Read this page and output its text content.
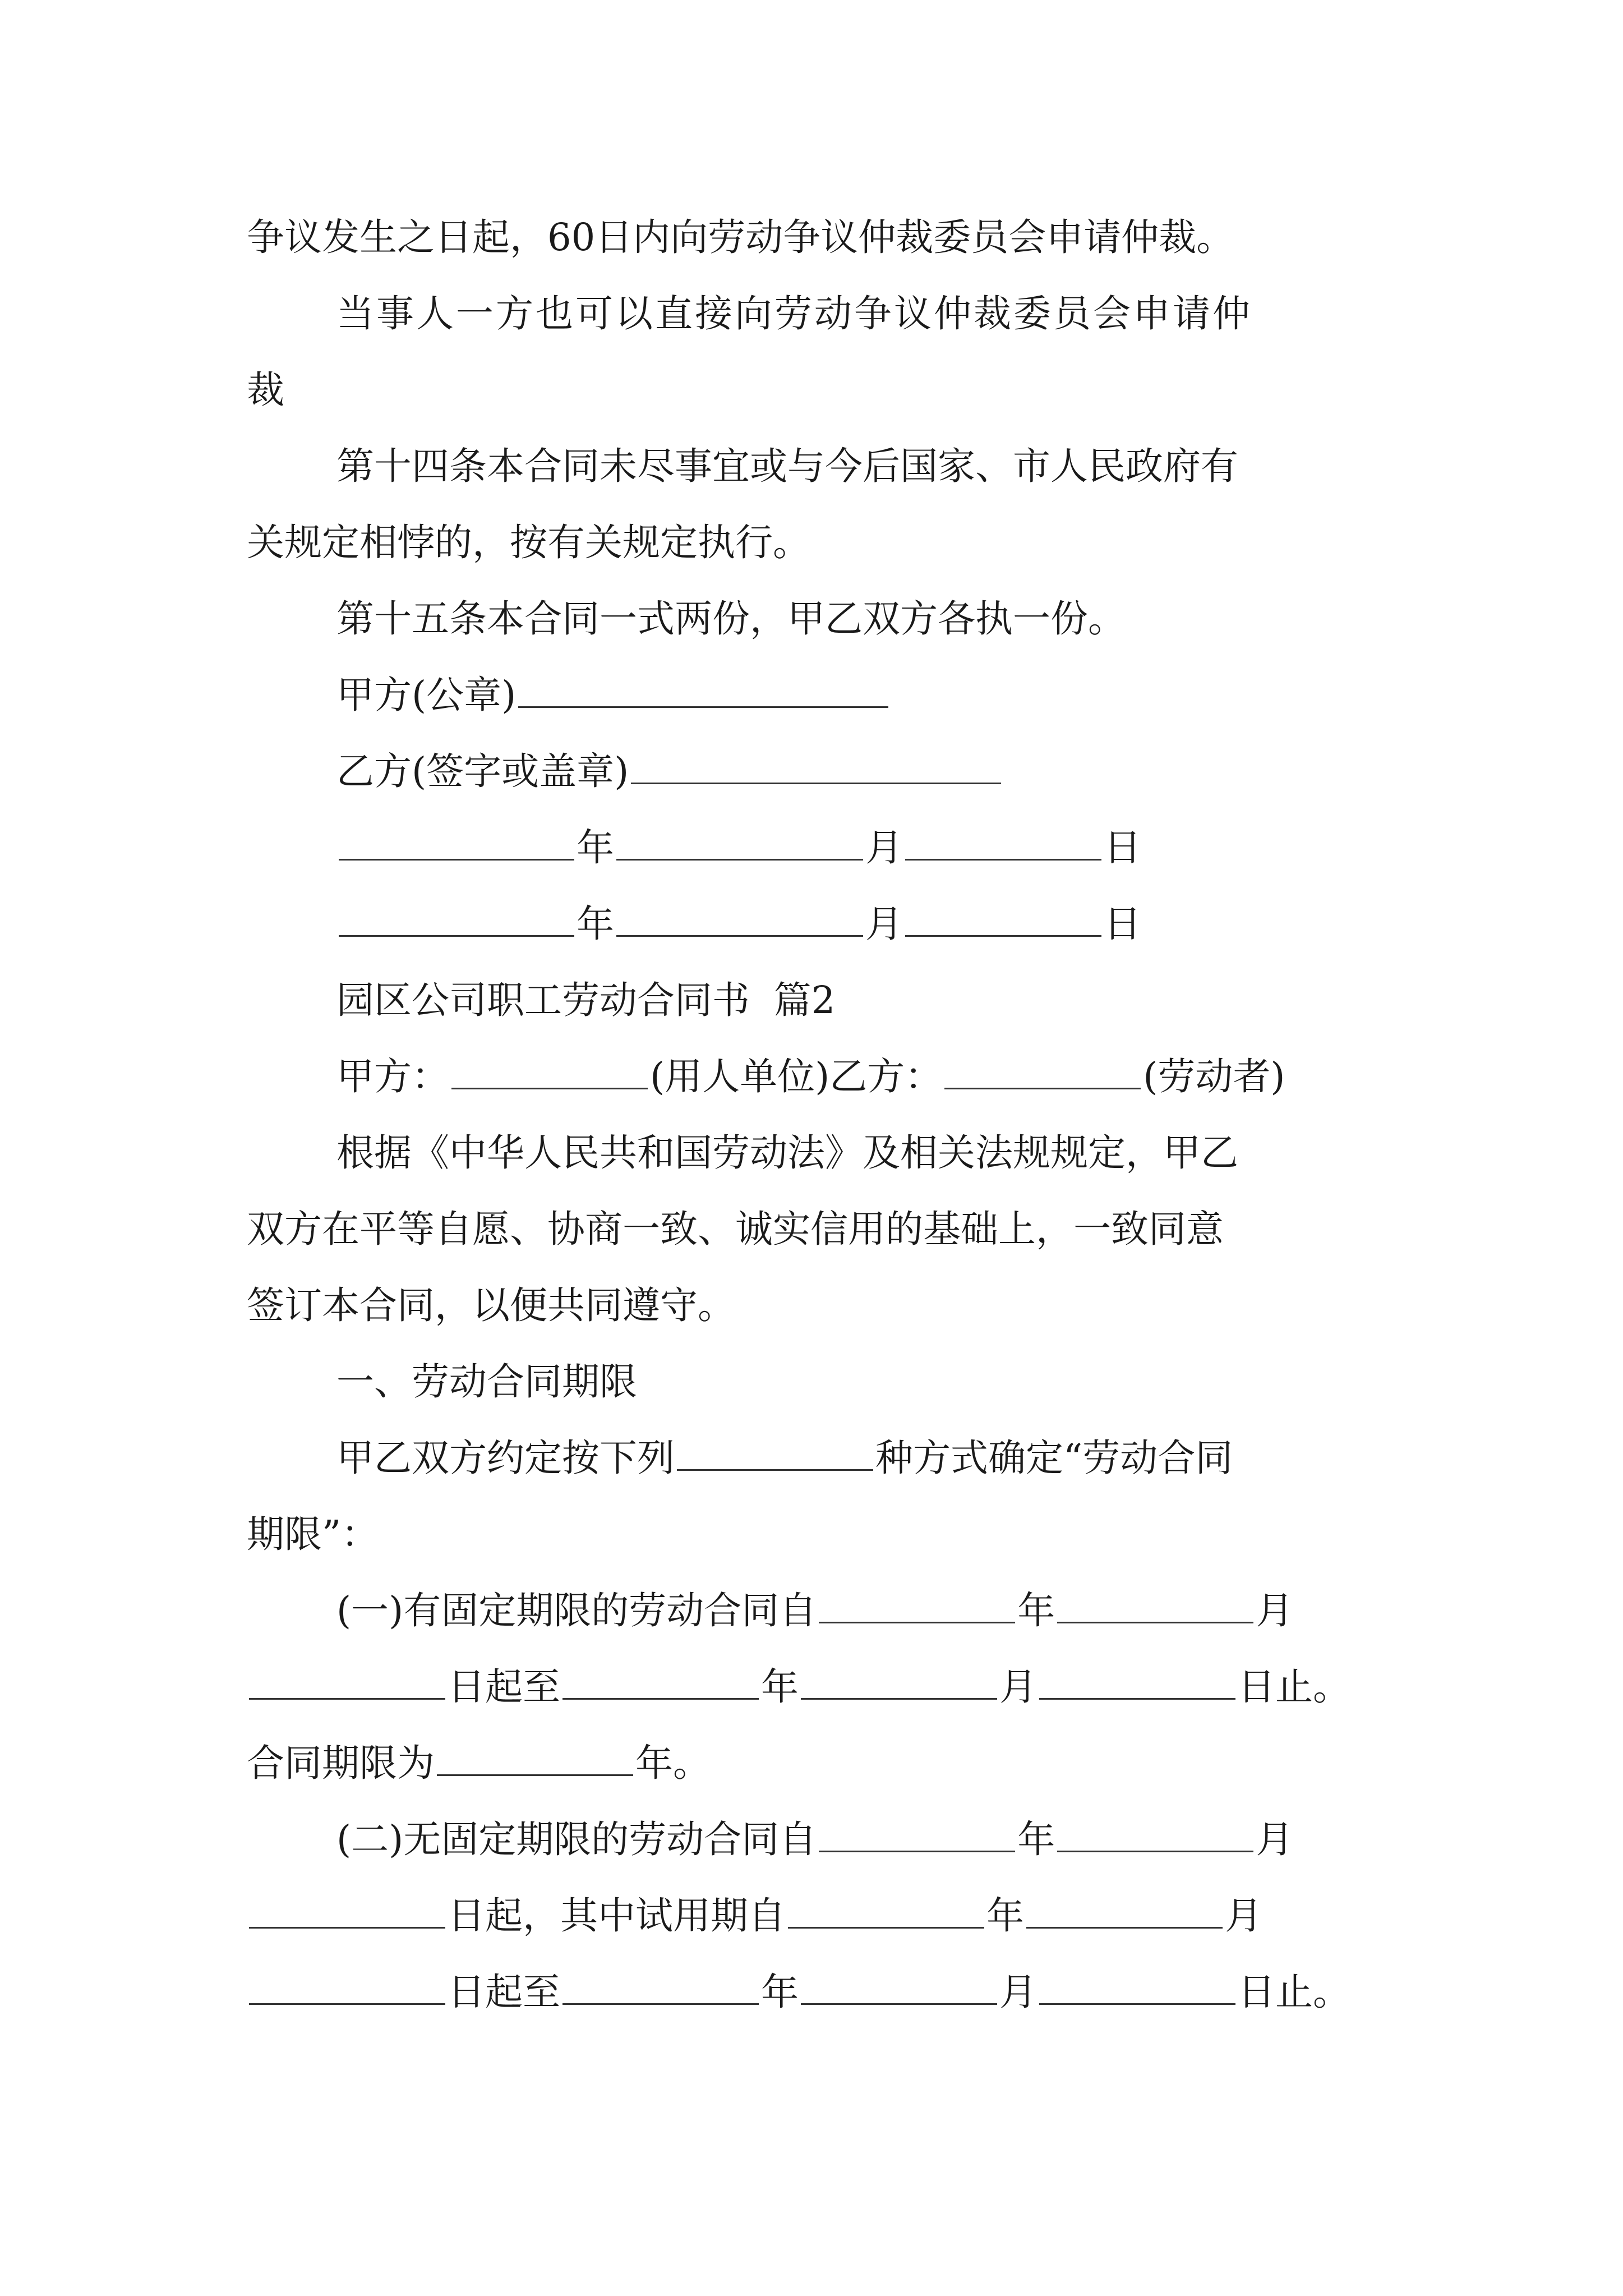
争议发生之日起，60日内向劳动争议仲裁委员会申请仲裁。
当事人一方也可以直接向劳动争议仲裁委员会申请仲
裁
第十四条本合同未尽事宜或与今后国家、市人民政府有
关规定相悖的，按有关规定执行。
第十五条本合同一式两份，甲乙双方各执一份。
甲方(公章)
乙方(签字或盖章)
年	月	日
年	月	日
园区公司职工劳动合同书  篇2
甲方：	(用人单位)乙方：	(劳动者)
根据《中华人民共和国劳动法》及相关法规规定，甲乙
双方在平等自愿、协商一致、诚实信用的基础上，一致同意
签订本合同，以便共同遵守。
一、劳动合同期限
甲乙双方约定按下列	种方式确定“劳动合同
期限”：
(一)有固定期限的劳动合同自	年	月
日起至	年	月	日止。
合同期限为	年。
(二)无固定期限的劳动合同自	年	月
日起，其中试用期自	年	月
日起至	年	月	日止。
